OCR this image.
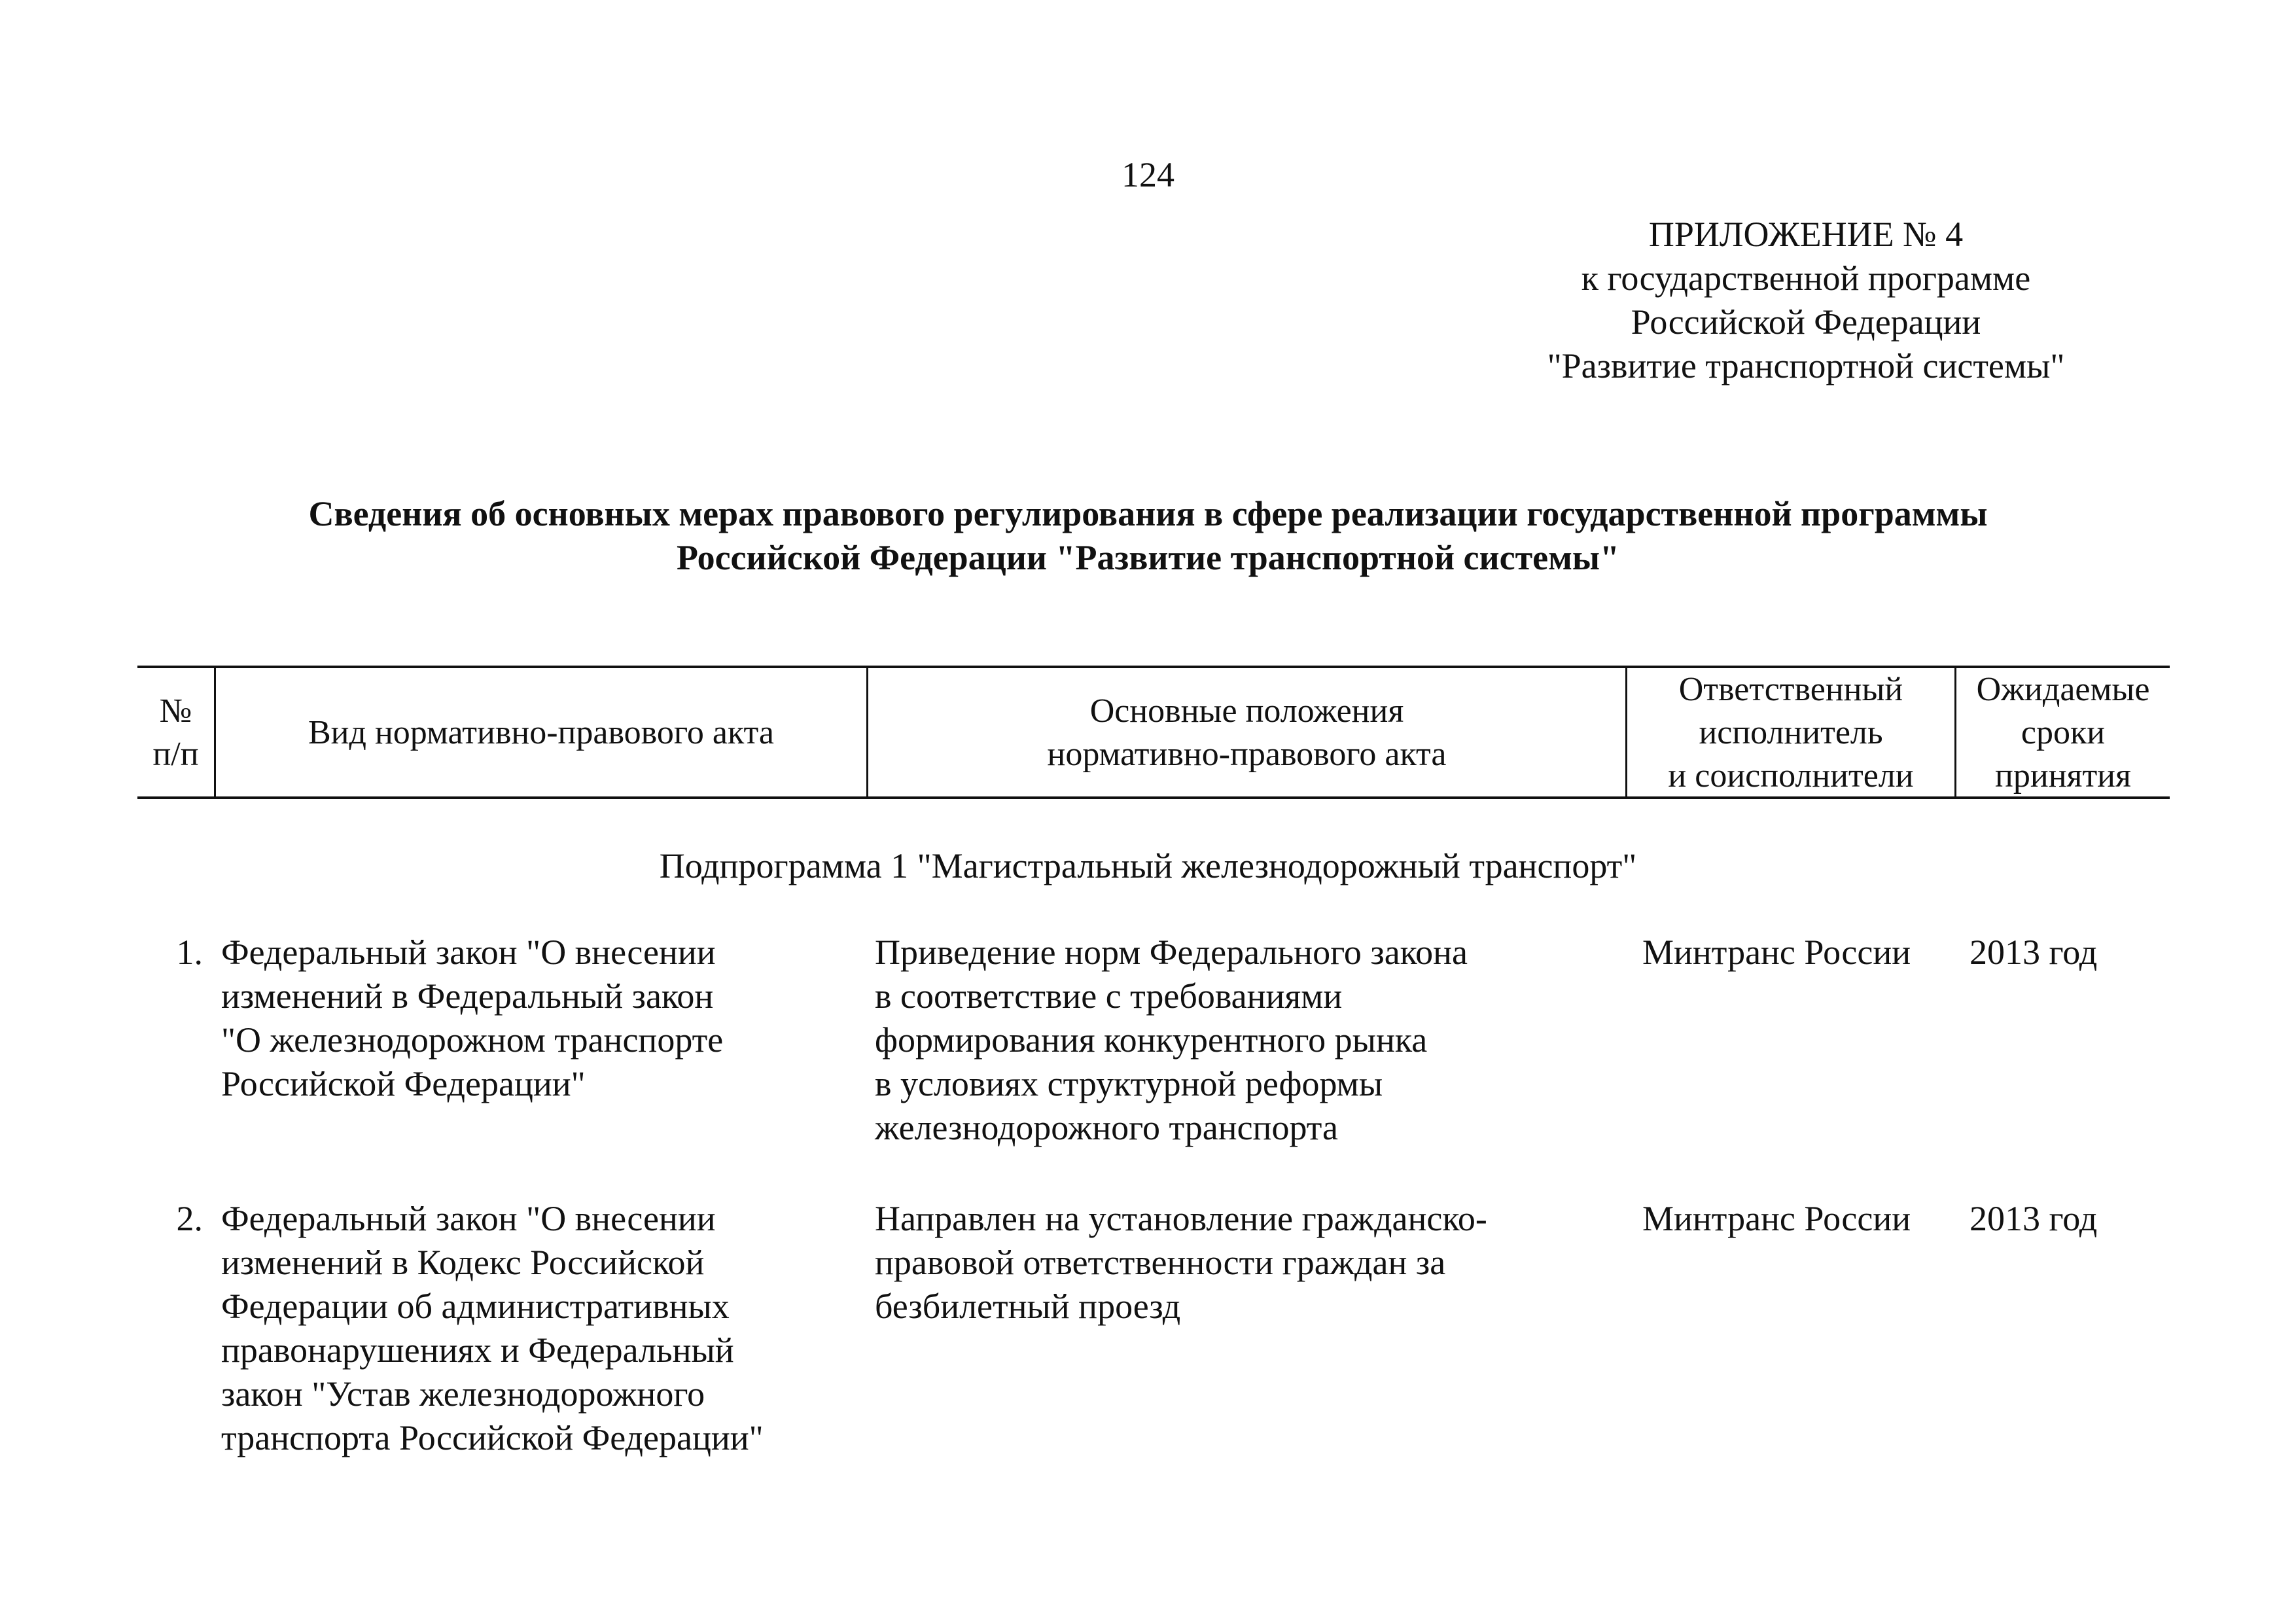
124
ПРИЛОЖЕНИЕ № 4
к государственной программе
Российской Федерации
"Развитие транспортной системы"
Сведения об основных мерах правового регулирования в сфере реализации государственной программы
Российской Федерации "Развитие транспортной системы"
№
п/п
Вид нормативно-правового акта
Основные положения
нормативно-правового акта
Ответственный
исполнитель
и соисполнители
Ожидаемые
сроки
принятия
Подпрограмма 1 "Магистральный железнодорожный транспорт"
1. Федеральный закон "О внесении
изменений в Федеральный закон
"О железнодорожном транспорте
Российской Федерации"
Приведение норм Федерального закона
в соответствие с требованиями
формирования конкурентного рынка
в условиях структурной реформы
железнодорожного транспорта
Минтранс России	2013 год
2. Федеральный закон "О внесении
изменений в Кодекс Российской
Федерации об административных
правонарушениях и Федеральный
закон "Устав железнодорожного
транспорта Российской Федерации"
Направлен на установление гражданско-
правовой ответственности граждан за
безбилетный проезд
Минтранс России	2013 год
